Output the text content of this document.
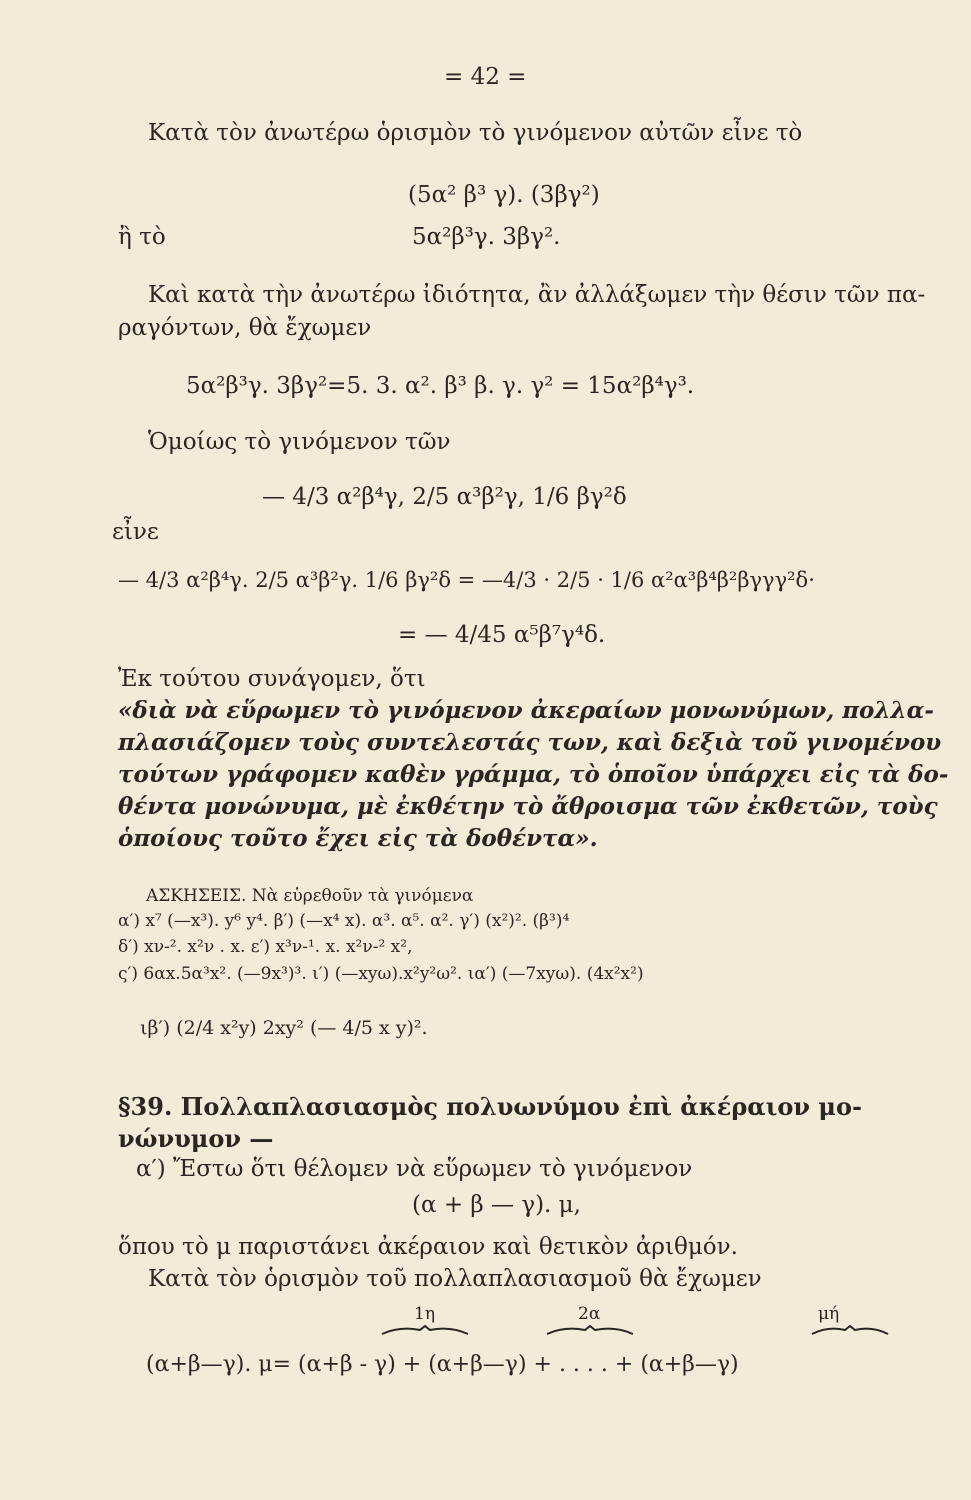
= 42 =
Κατὰ τὸν ἀνωτέρω ὁρισμὸν τὸ γινόμενον αὐτῶν εἶνε τὸ
(5α² β³ γ). (3βγ²)
ἢ τὸ	5α²β³γ. 3βγ².
Καὶ κατὰ τὴν ἀνωτέρω ἰδιότητα, ἂν ἀλλάξωμεν τὴν θέσιν τῶν πα-
ραγόντων, θὰ ἔχωμεν
5α²β³γ. 3βγ²=5. 3. α². β³ β. γ. γ² = 15α²β⁴γ³.
Ὁμοίως τὸ γινόμενον τῶν
— 4/3 α²β⁴γ, 2/5 α³β²γ, 1/6 βγ²δ
εἶνε
— 4/3 α²β⁴γ. 2/5 α³β²γ. 1/6 βγ²δ = —4/3 · 2/5 · 1/6 α²α³β⁴β²βγγγ²δ·
= — 4/45 α⁵β⁷γ⁴δ.
Ἐκ τούτου συνάγομεν, ὅτι
«διὰ νὰ εὕρωμεν τὸ γινόμενον ἀκεραίων μονωνύμων, πολλα-
πλασιάζομεν τοὺς συντελεστάς των, καὶ δεξιὰ τοῦ γινομένου
τούτων γράφομεν καθὲν γράμμα, τὸ ὁποῖον ὑπάρχει εἰς τὰ δο-
θέντα μονώνυμα, μὲ ἐκθέτην τὸ ἄθροισμα τῶν ἐκθετῶν, τοὺς
ὁποίους τοῦτο ἔχει εἰς τὰ δοθέντα».
ΑΣΚΗΣΕΙΣ. Νὰ εὑρεθοῦν τὰ γινόμενα
α′) x⁷ (—x³). y⁶ y⁴. β′) (—x⁴ x). α³. α⁵. α². γ′) (x²)². (β³)⁴
δ′) xν-². x²ν . x. ε′) x³ν-¹. x. x²ν-² x²,
ς′) 6αx.5α³x². (—9x³)³. ι′) (—xyω).x²y²ω². ια′) (—7xyω). (4x²x²)
ιβ′) (2/4 x²y) 2xy² (— 4/5 x y)².
§39. Πολλαπλασιασμὸς πολυωνύμου ἐπὶ ἀκέραιον μο-
νώνυμον —
α′) Ἔστω ὅτι θέλομεν νὰ εὕρωμεν τὸ γινόμενον
(α + β — γ). μ,
ὅπου τὸ μ παριστάνει ἀκέραιον καὶ θετικὸν ἀριθμόν.
Κατὰ τὸν ὁρισμὸν τοῦ πολλαπλασιασμοῦ θὰ ἔχωμεν
1η	2α	μή
(α+β—γ). μ= (α+β - γ) + (α+β—γ) + . . . . + (α+β—γ)
